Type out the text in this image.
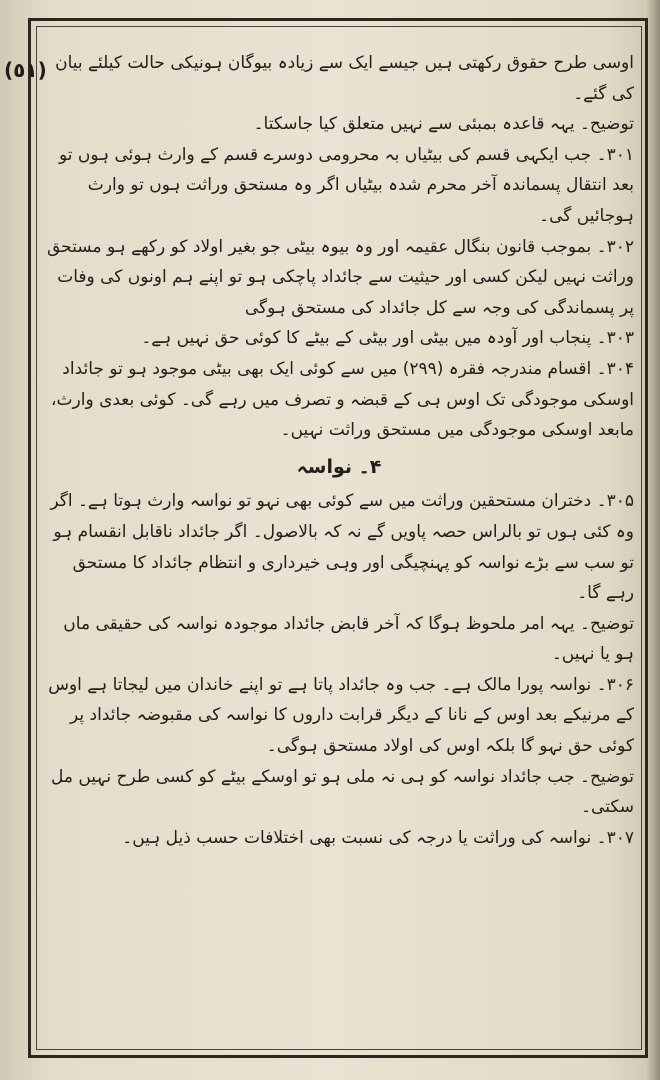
(٥١) اوسی طرح حقوق رکھتی ہیں جیسے ایک سے زیادہ بیوگان ہونیکی حالت کیلئے بیان کی گئے۔

توضیح۔ یہہ قاعدہ بمبئی سے نہیں متعلق کیا جاسکتا۔

۳۰۱۔ جب ایکہی قسم کی بیٹیاں بہ محرومی دوسرے قسم کے وارث ہوئی ہوں تو بعد انتقال پسماندہ آخر محرم شدہ بیٹیاں اگر وہ مستحق وراثت ہوں تو وارث ہوجائیں گی۔

۳۰۲۔ بموجب قانون بنگال عقیمہ اور وہ بیوہ بیٹی جو بغیر اولاد کو رکھے ہو مستحق وراثت نہیں لیکن کسی اور حیثیت سے جائداد پاچکی ہو تو اپنے ہم اونوں کی وفات پر پسماندگی کی وجہ سے کل جائداد کی مستحق ہوگی

۳۰۳۔ پنجاب اور آودہ میں بیٹی اور بیٹی کے بیٹے کا کوئی حق نہیں ہے۔

۳۰۴۔ اقسام مندرجہ فقرہ (۲۹۹) میں سے کوئی ایک بھی بیٹی موجود ہو تو جائداد اوسکی موجودگی تک اوس ہی کے قبضہ و تصرف میں رہے گی۔ کوئی بعدی وارث، مابعد اوسکی موجودگی میں مستحق وراثت نہیں۔

۴۔ نواسہ

۳۰۵۔ دختران مستحقین وراثت میں سے کوئی بھی نہو تو نواسہ وارث ہوتا ہے۔ اگر وہ کئی ہوں تو بالراس حصہ پاویں گے نہ کہ بالاصول۔ اگر جائداد ناقابل انقسام ہو تو سب سے بڑے نواسہ کو پہنچیگی اور وہی خیرداری و انتظام جائداد کا مستحق رہے گا۔

توضیح۔ یہہ امر ملحوظ ہوگا کہ آخر قابض جائداد موجودہ نواسہ کی حقیقی ماں ہو یا نہیں۔

۳۰۶۔ نواسہ پورا مالک ہے۔ جب وہ جائداد پاتا ہے تو اپنے خاندان میں لیجاتا ہے اوس کے مرنیکے بعد اوس کے نانا کے دیگر قرابت داروں کا نواسہ کی مقبوضہ جائداد پر کوئی حق نہو گا بلکہ اوس کی اولاد مستحق ہوگی۔

توضیح۔ جب جائداد نواسہ کو ہی نہ ملی ہو تو اوسکے بیٹے کو کسی طرح نہیں مل سکتی۔

۳۰۷۔ نواسہ کی وراثت یا درجہ کی نسبت بھی اختلافات حسب ذیل ہیں۔
